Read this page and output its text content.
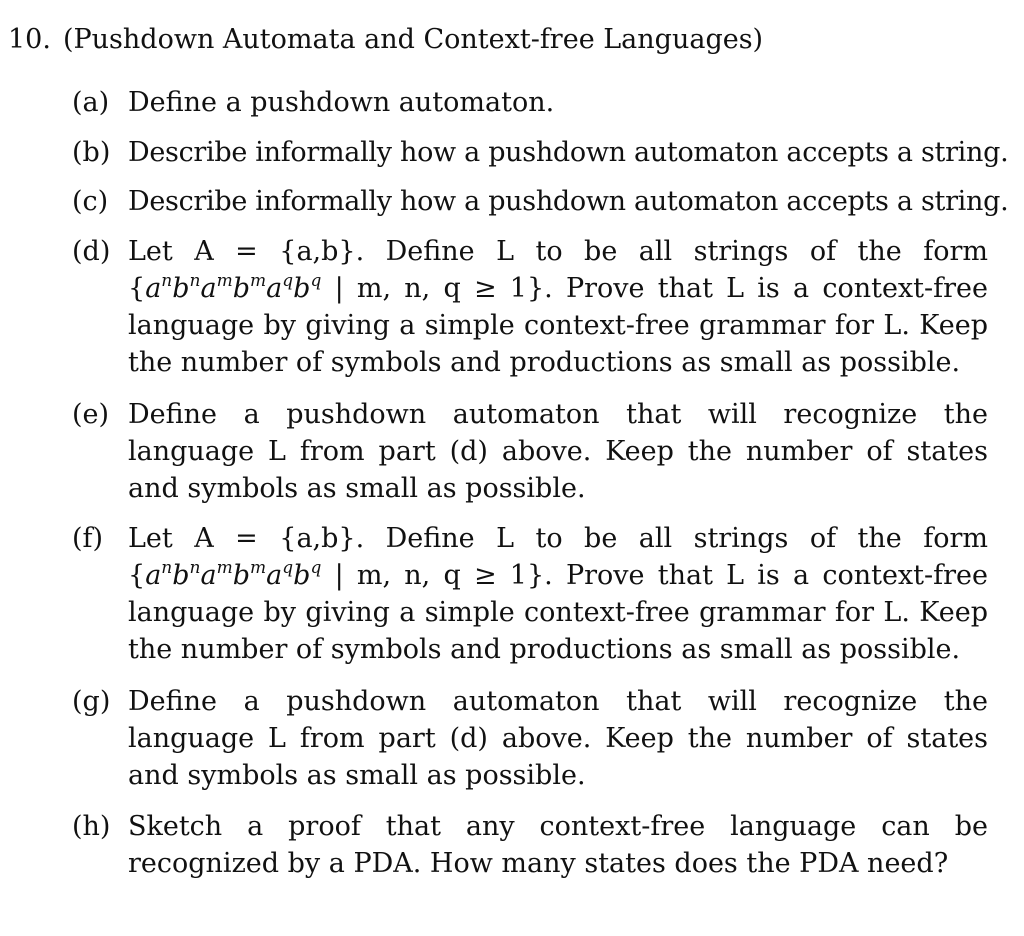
10. (Pushdown Automata and Context-free Languages)
(a) Define a pushdown automaton.
(b) Describe informally how a pushdown automaton accepts a string.
(c) Describe informally how a pushdown automaton accepts a string.
(d) Let A = {a,b}. Define L to be all strings of the form {$a^nb^na^mb^ma^qb^q$ | m, n, q ≥ 1}. Prove that L is a context-free language by giving a simple context-free grammar for L. Keep the number of symbols and productions as small as possible.
(e) Define a pushdown automaton that will recognize the language L from part (d) above. Keep the number of states and symbols as small as possible.
(f) Let A = {a,b}. Define L to be all strings of the form {$a^nb^na^mb^ma^qb^q$ | m, n, q ≥ 1}. Prove that L is a context-free language by giving a simple context-free grammar for L. Keep the number of symbols and productions as small as possible.
(g) Define a pushdown automaton that will recognize the language L from part (d) above. Keep the number of states and symbols as small as possible.
(h) Sketch a proof that any context-free language can be recognized by a PDA. How many states does the PDA need?
